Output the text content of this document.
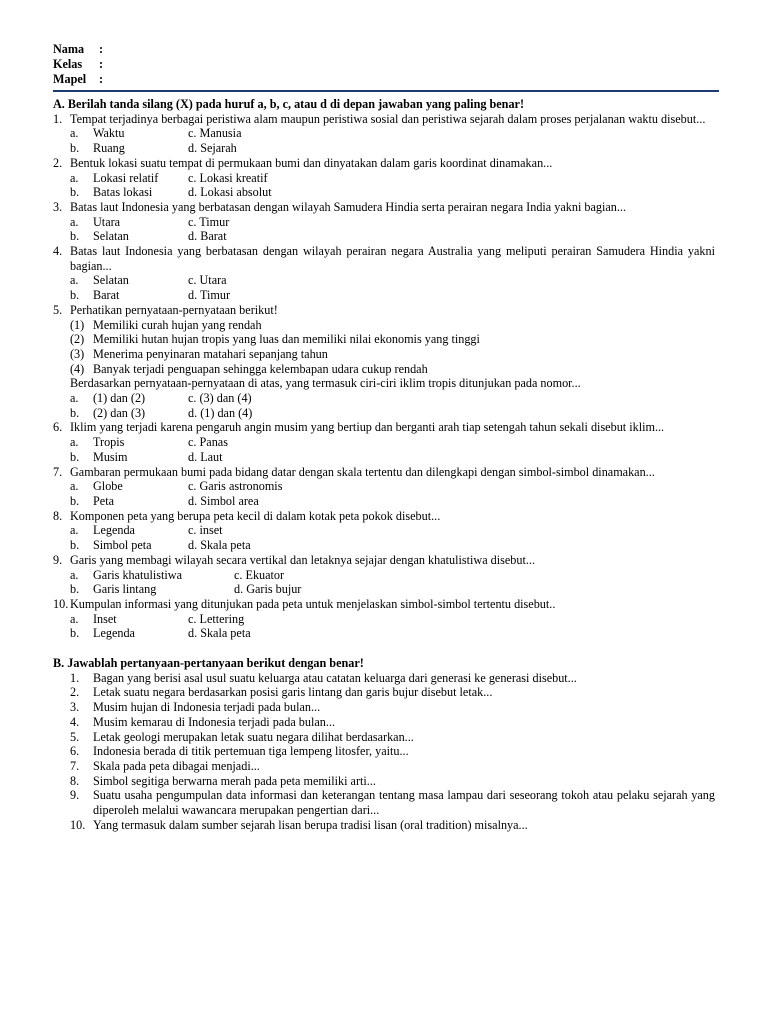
Nama	:
Kelas	:
Mapel	:
A. Berilah tanda silang (X) pada huruf a, b, c, atau d di depan jawaban yang paling benar!
1. Tempat terjadinya berbagai peristiwa alam maupun peristiwa sosial dan peristiwa sejarah dalam proses perjalanan waktu disebut...
a.	Waktu	c. Manusia
b.	Ruang	d. Sejarah
2. Bentuk lokasi suatu tempat di permukaan bumi dan dinyatakan dalam garis koordinat dinamakan...
a.	Lokasi relatif	c. Lokasi kreatif
b.	Batas lokasi	d. Lokasi absolut
3. Batas laut Indonesia yang berbatasan dengan wilayah Samudera Hindia serta perairan negara India yakni bagian...
a.	Utara	c. Timur
b.	Selatan	d. Barat
4. Batas laut Indonesia yang berbatasan dengan wilayah perairan negara Australia yang meliputi perairan Samudera Hindia yakni bagian...
a.	Selatan	c. Utara
b.	Barat	d. Timur
5. Perhatikan pernyataan-pernyataan berikut!
(1) Memiliki curah hujan yang rendah
(2) Memiliki hutan hujan tropis yang luas dan memiliki nilai ekonomis yang tinggi
(3) Menerima penyinaran matahari sepanjang tahun
(4) Banyak terjadi penguapan sehingga kelembapan udara cukup rendah
Berdasarkan pernyataan-pernyataan di atas, yang termasuk ciri-ciri iklim tropis ditunjukan pada nomor...
a.	(1) dan (2)	c. (3) dan (4)
b.	(2) dan (3)	d. (1) dan (4)
6. Iklim yang terjadi karena pengaruh angin musim yang bertiup dan berganti arah tiap setengah tahun sekali disebut iklim...
a.	Tropis	c. Panas
b.	Musim	d. Laut
7. Gambaran permukaan bumi pada bidang datar dengan skala tertentu dan dilengkapi dengan simbol-simbol dinamakan...
a.	Globe	c. Garis astronomis
b.	Peta	d. Simbol area
8. Komponen peta yang berupa peta kecil di dalam kotak peta pokok disebut...
a.	Legenda	c. inset
b.	Simbol peta	d. Skala peta
9. Garis yang membagi wilayah secara vertikal dan letaknya sejajar dengan khatulistiwa disebut...
a.	Garis khatulistiwa	c. Ekuator
b.	Garis lintang	d. Garis bujur
10. Kumpulan informasi yang ditunjukan pada peta untuk menjelaskan simbol-simbol tertentu disebut..
a.	Inset	c. Lettering
b.	Legenda	d. Skala peta
B. Jawablah pertanyaan-pertanyaan berikut dengan benar!
1.	Bagan yang berisi asal usul suatu keluarga atau catatan keluarga dari generasi ke generasi disebut...
2.	Letak suatu negara berdasarkan posisi garis lintang dan garis bujur disebut letak...
3.	Musim hujan di Indonesia terjadi pada bulan...
4.	Musim kemarau di Indonesia terjadi pada bulan...
5.	Letak geologi merupakan letak suatu negara dilihat berdasarkan...
6.	Indonesia berada di titik pertemuan tiga lempeng litosfer, yaitu...
7.	Skala pada peta dibagai menjadi...
8.	Simbol segitiga berwarna merah pada peta memiliki arti...
9.	Suatu usaha pengumpulan data informasi dan keterangan tentang masa lampau dari seseorang tokoh atau pelaku sejarah yang diperoleh melalui wawancara merupakan pengertian dari...
10. Yang termasuk dalam sumber sejarah lisan berupa tradisi lisan (oral tradition) misalnya...
